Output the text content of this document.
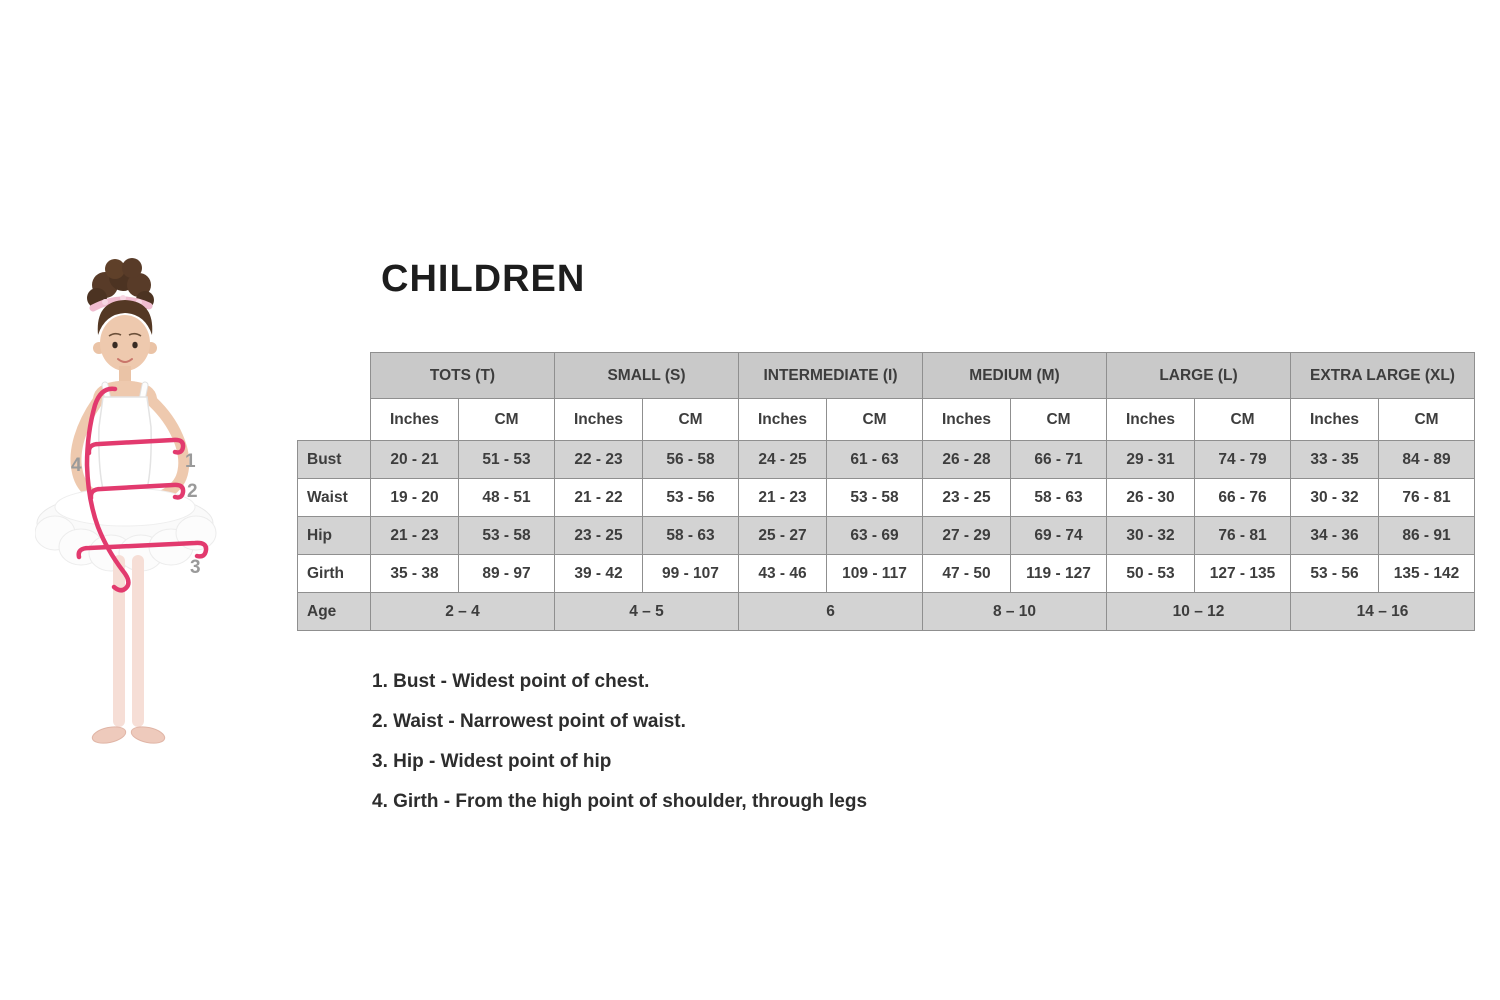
1
2
3
4
CHILDREN
	TOTS (T)		SMALL (S)		INTERMEDIATE (I)		MEDIUM (M)		LARGE (L)		EXTRA LARGE (XL)	
	Inches	CM	Inches	CM	Inches	CM	Inches	CM	Inches	CM	Inches	CM
Bust	20 - 21	51 - 53	22 - 23	56 - 58	24 - 25	61 - 63	26 - 28	66 - 71	29 - 31	74 - 79	33 - 35	84 - 89
Waist	19 - 20	48 - 51	21 - 22	53 - 56	21 - 23	53 - 58	23 - 25	58 - 63	26 - 30	66 - 76	30 - 32	76 - 81
Hip	21 - 23	53 - 58	23 - 25	58 - 63	25 - 27	63 - 69	27 - 29	69 - 74	30 - 32	76 - 81	34 - 36	86 - 91
Girth	35 - 38	89 - 97	39 - 42	99 - 107	43 - 46	109 - 117	47 - 50	119 - 127	50 - 53	127 - 135	53 - 56	135 - 142
Age	2 – 4		4 – 5		6		8 – 10		10 – 12		14 – 16	
1. Bust - Widest point of chest.
2. Waist - Narrowest point of waist.
3. Hip - Widest point of hip
4. Girth - From the high point of shoulder, through legs
